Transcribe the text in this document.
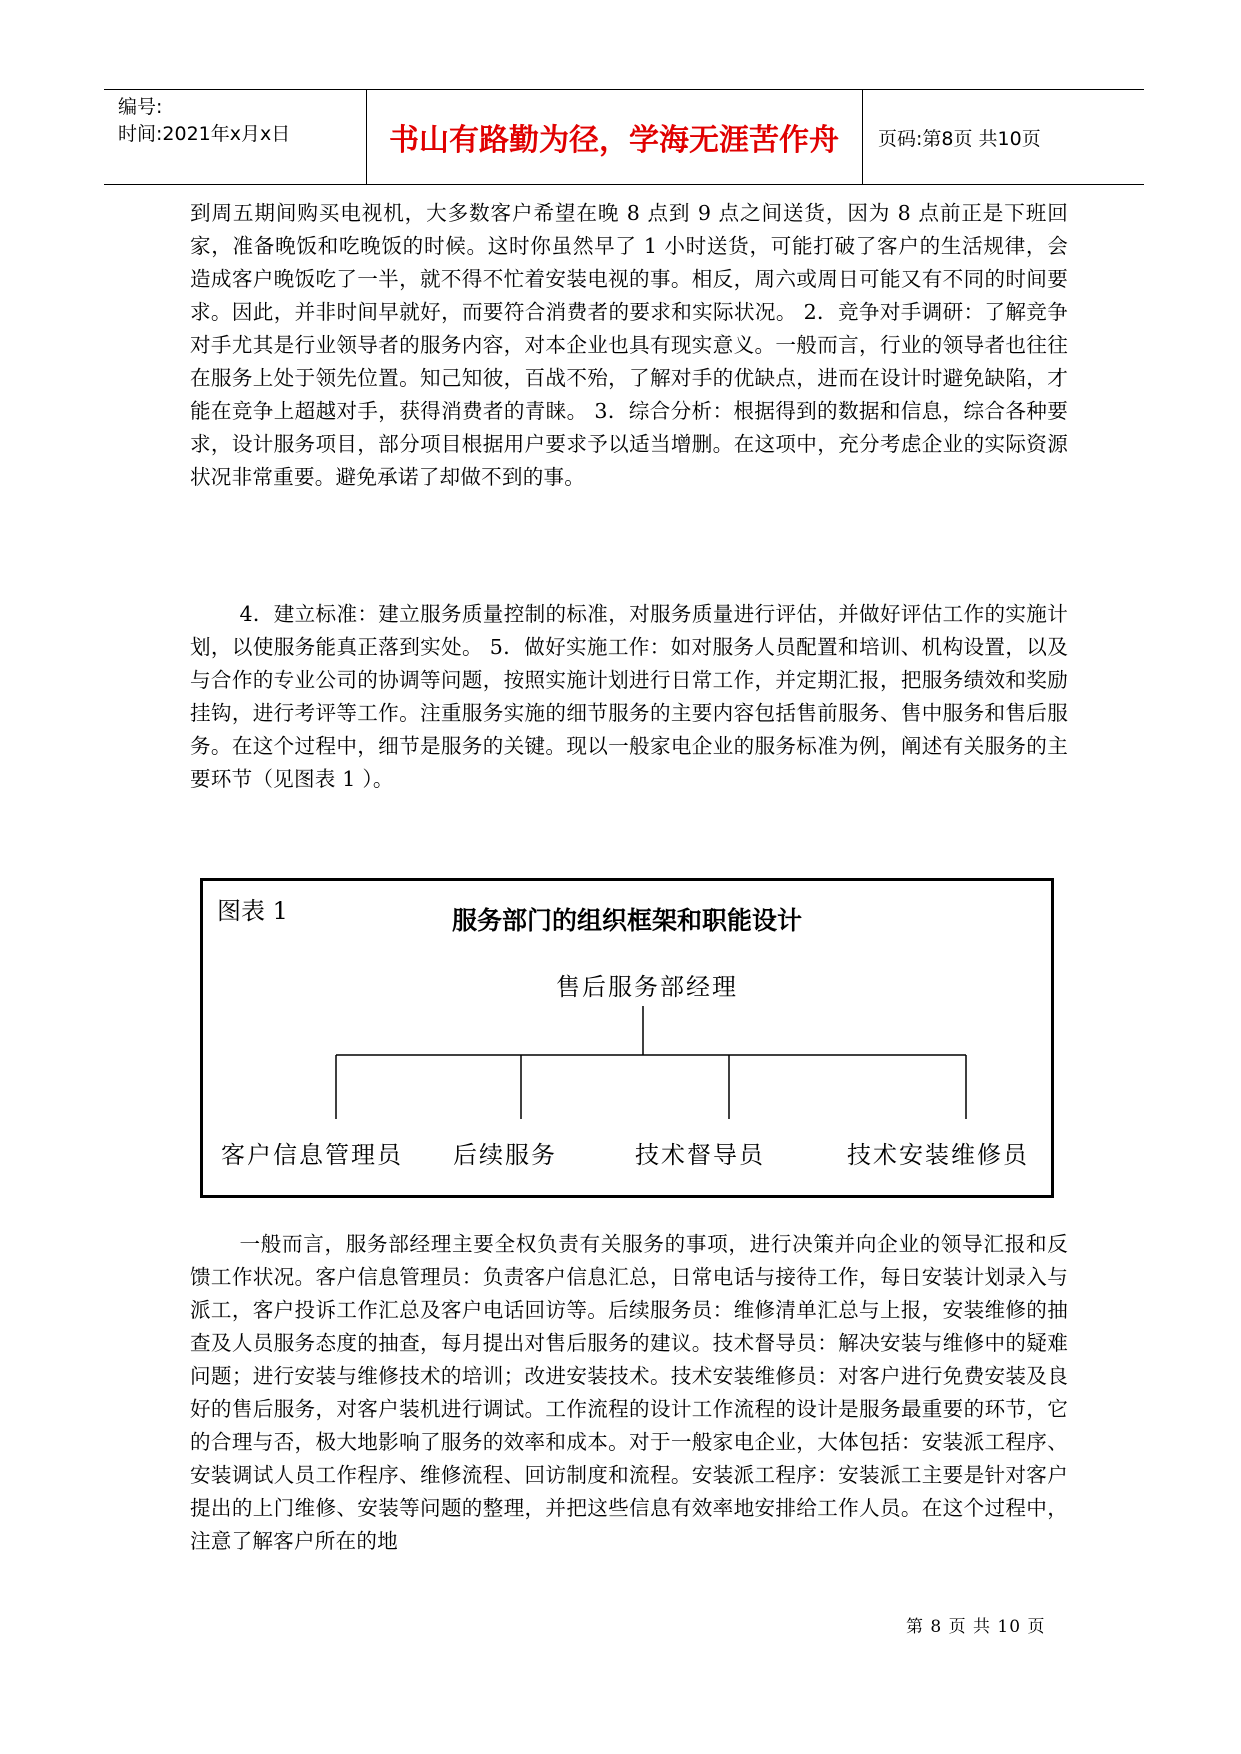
编号:
时间:2021年x月x日	书山有路勤为径，学海无涯苦作舟	页码:第8页 共10页

到周五期间购买电视机，大多数客户希望在晚 8 点到 9 点之间送货，因为 8 点前正是下班回家，准备晚饭和吃晚饭的时候。这时你虽然早了 1 小时送货，可能打破了客户的生活规律，会造成客户晚饭吃了一半，就不得不忙着安装电视的事。相反，周六或周日可能又有不同的时间要求。因此，并非时间早就好，而要符合消费者的要求和实际状况。 2．竞争对手调研：了解竞争对手尤其是行业领导者的服务内容，对本企业也具有现实意义。一般而言，行业的领导者也往往在服务上处于领先位置。知己知彼，百战不殆，了解对手的优缺点，进而在设计时避免缺陷，才能在竞争上超越对手，获得消费者的青睐。 3．综合分析：根据得到的数据和信息，综合各种要求，设计服务项目，部分项目根据用户要求予以适当增删。在这项中，充分考虑企业的实际资源状况非常重要。避免承诺了却做不到的事。

4．建立标准：建立服务质量控制的标准，对服务质量进行评估，并做好评估工作的实施计划，以使服务能真正落到实处。 5．做好实施工作：如对服务人员配置和培训、机构设置，以及与合作的专业公司的协调等问题，按照实施计划进行日常工作，并定期汇报，把服务绩效和奖励挂钩，进行考评等工作。注重服务实施的细节服务的主要内容包括售前服务、售中服务和售后服务。在这个过程中，细节是服务的关键。现以一般家电企业的服务标准为例，阐述有关服务的主要环节（见图表 1 ）。

图表 1	服务部门的组织框架和职能设计
售后服务部经理
客户信息管理员 后续服务	技术督导员	技术安装维修员

一般而言，服务部经理主要全权负责有关服务的事项，进行决策并向企业的领导汇报和反馈工作状况。客户信息管理员：负责客户信息汇总，日常电话与接待工作，每日安装计划录入与派工，客户投诉工作汇总及客户电话回访等。后续服务员：维修清单汇总与上报，安装维修的抽查及人员服务态度的抽查，每月提出对售后服务的建议。技术督导员：解决安装与维修中的疑难问题；进行安装与维修技术的培训；改进安装技术。技术安装维修员：对客户进行免费安装及良好的售后服务，对客户装机进行调试。工作流程的设计工作流程的设计是服务最重要的环节，它的合理与否，极大地影响了服务的效率和成本。对于一般家电企业，大体包括：安装派工程序、安装调试人员工作程序、维修流程、回访制度和流程。安装派工程序：安装派工主要是针对客户提出的上门维修、安装等问题的整理，并把这些信息有效率地安排给工作人员。在这个过程中，注意了解客户所在的地

第 8 页 共 10 页
